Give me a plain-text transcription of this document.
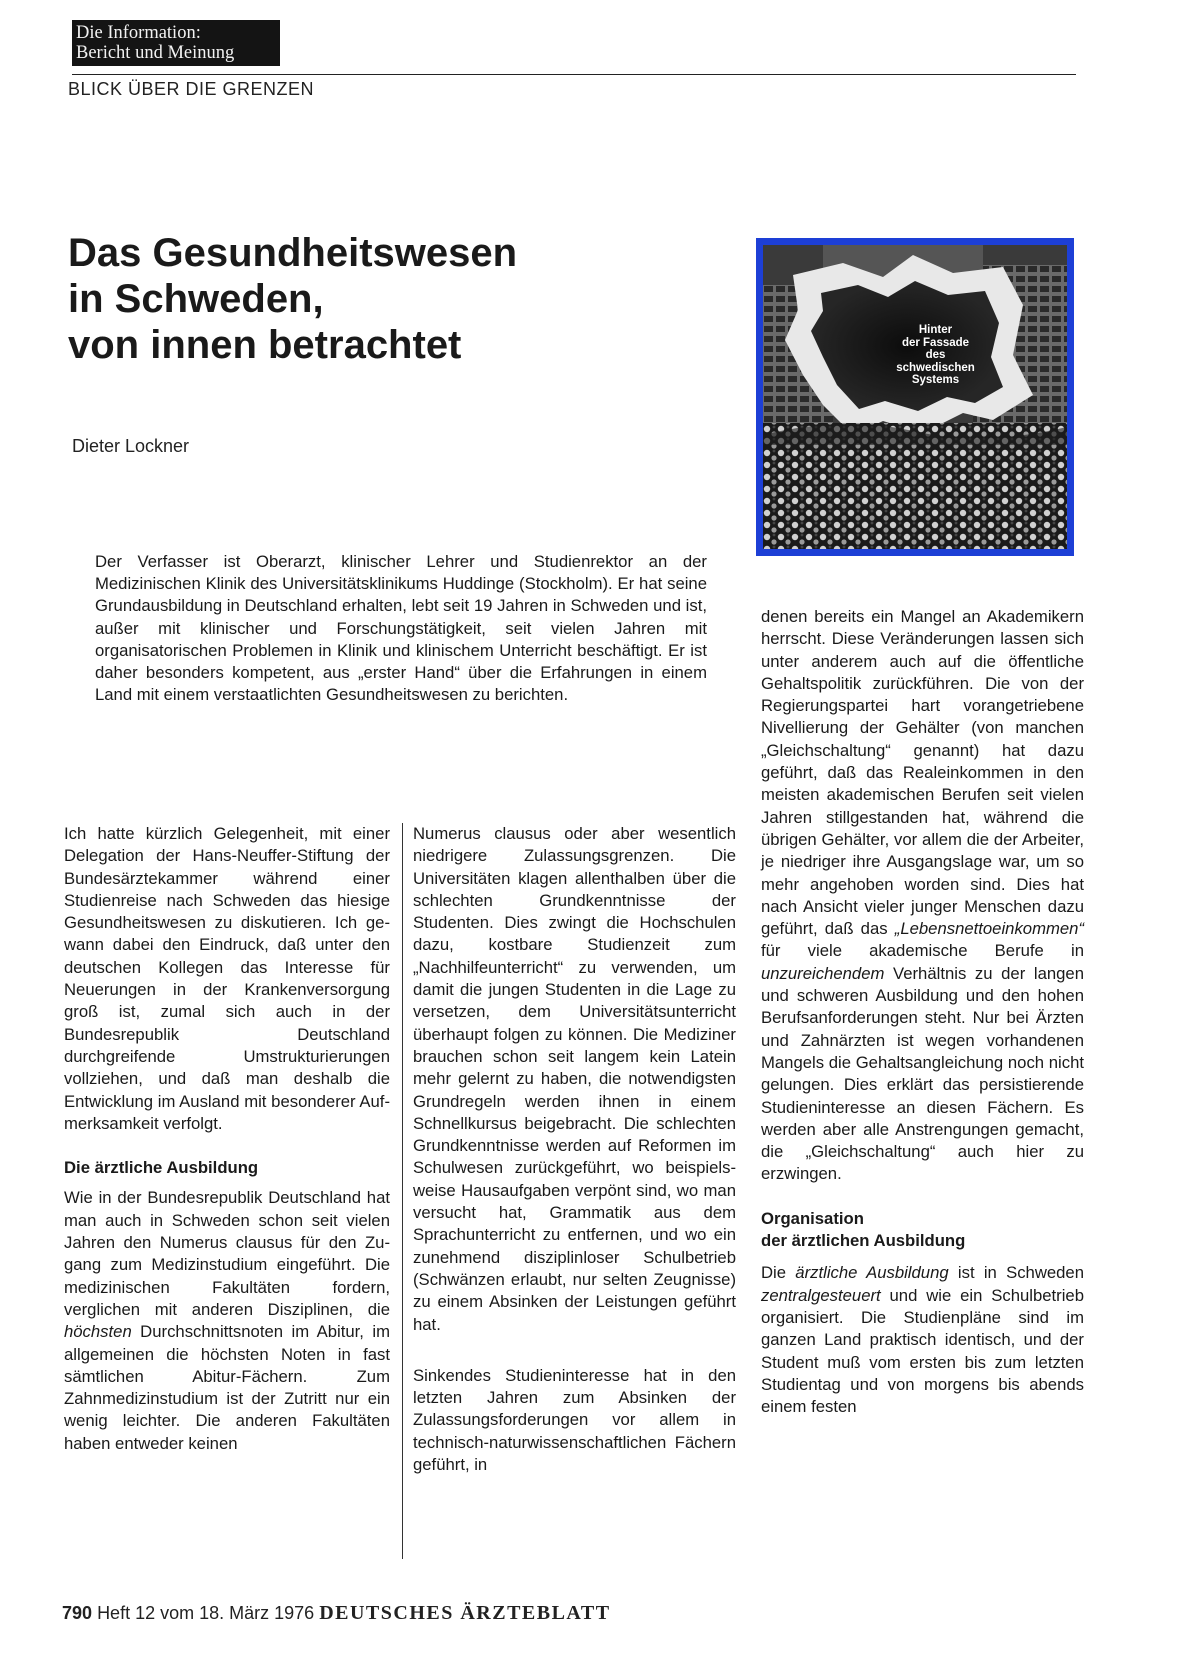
Die Information:
Bericht und Meinung
BLICK ÜBER DIE GRENZEN
Das Gesundheitswesen
in Schweden,
von innen betrachtet
Dieter Lockner
Hinter
der Fassade
des
schwedischen
Systems
Der Verfasser ist Oberarzt, klinischer Lehrer und Studienrektor an der Medizinischen Klinik des Universitätsklinikums Huddinge (Stockholm). Er hat seine Grundausbildung in Deutschland erhalten, lebt seit 19 Jahren in Schweden und ist, außer mit klinischer und Forschungstätigkeit, seit vielen Jahren mit organisatorischen Problemen in Klinik und klinischem Unterricht beschäftigt. Er ist daher besonders kompetent, aus „erster Hand“ über die Erfahrungen in einem Land mit einem verstaatlichten Gesundheitswesen zu berichten.

Ich hatte kürzlich Gelegenheit, mit einer Delegation der Hans-Neuffer-Stiftung der Bundesärztekammer während einer Studienreise nach Schweden das hiesige Gesundheitswesen zu diskutieren. Ich gewann dabei den Eindruck, daß unter den deutschen Kollegen das Interesse für Neuerungen in der Krankenversorgung groß ist, zumal sich auch in der Bundesrepublik Deutschland durchgreifende Umstrukturierungen vollziehen, und daß man deshalb die Entwicklung im Ausland mit besonderer Aufmerksamkeit verfolgt.

Die ärztliche Ausbildung

Wie in der Bundesrepublik Deutschland hat man auch in Schweden schon seit vielen Jahren den Numerus clausus für den Zugang zum Medizinstudium eingeführt. Die medizinischen Fakultäten fordern, verglichen mit anderen Disziplinen, die höchsten Durchschnittsnoten im Abitur, im allgemeinen die höchsten Noten in fast sämtlichen Abitur-Fächern. Zum Zahnmedizinstudium ist der Zutritt nur ein wenig leichter. Die anderen Fakultäten haben entweder keinen

Numerus clausus oder aber wesentlich niedrigere Zulassungsgrenzen. Die Universitäten klagen allenthalben über die schlechten Grundkenntnisse der Studenten. Dies zwingt die Hochschulen dazu, kostbare Studienzeit zum „Nachhilfeunterricht“ zu verwenden, um damit die jungen Studenten in die Lage zu versetzen, dem Universitätsunterricht überhaupt folgen zu können. Die Mediziner brauchen schon seit langem kein Latein mehr gelernt zu haben, die notwendigsten Grundregeln werden ihnen in einem Schnellkursus beigebracht. Die schlechten Grundkenntnisse werden auf Reformen im Schulwesen zurückgeführt, wo beispielsweise Hausaufgaben verpönt sind, wo man versucht hat, Grammatik aus dem Sprachunterricht zu entfernen, und wo ein zunehmend disziplinloser Schulbetrieb (Schwänzen erlaubt, nur selten Zeugnisse) zu einem Absinken der Leistungen geführt hat.

Sinkendes Studieninteresse hat in den letzten Jahren zum Absinken der Zulassungsforderungen vor allem in technisch-naturwissenschaftlichen Fächern geführt, in

denen bereits ein Mangel an Akademikern herrscht. Diese Veränderungen lassen sich unter anderem auch auf die öffentliche Gehaltspolitik zurückführen. Die von der Regierungspartei hart vorangetriebene Nivellierung der Gehälter (von manchen „Gleichschaltung“ genannt) hat dazu geführt, daß das Realeinkommen in den meisten akademischen Berufen seit vielen Jahren stillgestanden hat, während die übrigen Gehälter, vor allem die der Arbeiter, je niedriger ihre Ausgangslage war, um so mehr angehoben worden sind. Dies hat nach Ansicht vieler junger Menschen dazu geführt, daß das „Lebensnettoeinkommen“ für viele akademische Berufe in unzureichendem Verhältnis zu der langen und schweren Ausbildung und den hohen Berufsanforderungen steht. Nur bei Ärzten und Zahnärzten ist wegen vorhandenen Mangels die Gehaltsangleichung noch nicht gelungen. Dies erklärt das persistierende Studieninteresse an diesen Fächern. Es werden aber alle Anstrengungen gemacht, die „Gleichschaltung“ auch hier zu erzwingen.

Organisation
der ärztlichen Ausbildung

Die ärztliche Ausbildung ist in Schweden zentralgesteuert und wie ein Schulbetrieb organisiert. Die Studienpläne sind im ganzen Land praktisch identisch, und der Student muß vom ersten bis zum letzten Studientag und von morgens bis abends einem festen

790 Heft 12 vom 18. März 1976 DEUTSCHES ÄRZTEBLATT
